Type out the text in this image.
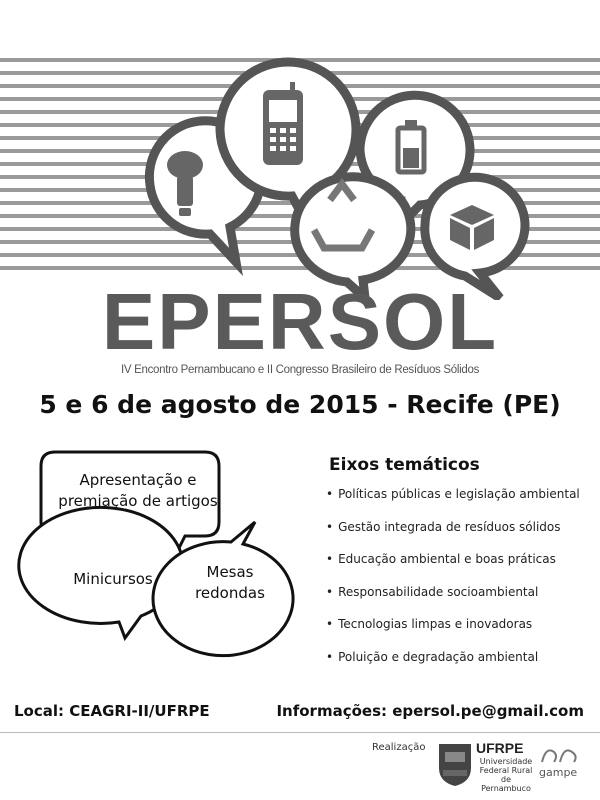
EPERSOL
IV Encontro Pernambucano e II Congresso Brasileiro de Resíduos Sólidos
5 e 6 de agosto de 2015 - Recife (PE)
Apresentação e
premiação de artigos
Minicursos	Mesas
redondas
Eixos temáticos
• Políticas públicas e legislação ambiental
• Gestão integrada de resíduos sólidos
• Educação ambiental e boas práticas
• Responsabilidade socioambiental
• Tecnologias limpas e inovadoras
• Poluição e degradação ambiental
Local: CEAGRI-II/UFRPE	Informações: epersol.pe@gmail.com
Realização	UFRPE
Universidade
Federal Rural
de Pernambuco
gampe
